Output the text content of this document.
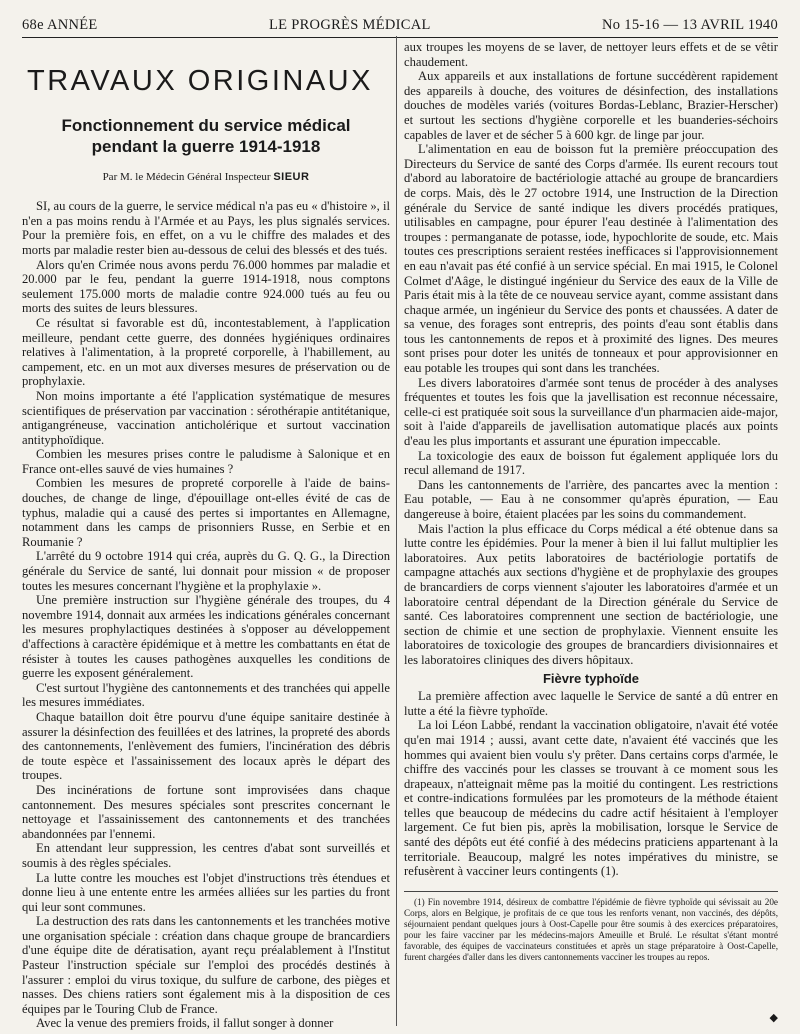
68e ANNÉE	LE PROGRÈS MÉDICAL	No 15-16 — 13 AVRIL 1940
TRAVAUX ORIGINAUX
Fonctionnement du service médical
pendant la guerre 1914-1918
Par M. le Médecin Général Inspecteur SIEUR

SI, au cours de la guerre, le service médical n'a pas eu « d'histoire », il n'en a pas moins rendu à l'Armée et au Pays, les plus signalés services. Pour la première fois, en effet, on a vu le chiffre des malades et des morts par maladie rester bien au-dessous de celui des blessés et des tués.

Alors qu'en Crimée nous avons perdu 76.000 hommes par maladie et 20.000 par le feu, pendant la guerre 1914-1918, nous comptons seulement 175.000 morts de maladie contre 924.000 tués au feu ou morts des suites de leurs blessures.

Ce résultat si favorable est dû, incontestablement, à l'application meilleure, pendant cette guerre, des données hygiéniques ordinaires relatives à l'alimentation, à la propreté corporelle, à l'habillement, au campement, etc. en un mot aux diverses mesures de préservation ou de prophylaxie.

Non moins importante a été l'application systématique de mesures scientifiques de préservation par vaccination : sérothérapie antitétanique, antigangréneuse, vaccination anticholérique et surtout vaccination antityphoïdique.

Combien les mesures prises contre le paludisme à Salonique et en France ont-elles sauvé de vies humaines ?

Combien les mesures de propreté corporelle à l'aide de bains-douches, de change de linge, d'épouillage ont-elles évité de cas de typhus, maladie qui a causé des pertes si importantes en Allemagne, notamment dans les camps de prisonniers Russe, en Serbie et en Roumanie ?

L'arrêté du 9 octobre 1914 qui créa, auprès du G. Q. G., la Direction générale du Service de santé, lui donnait pour mission « de proposer toutes les mesures concernant l'hygiène et la prophylaxie ».

Une première instruction sur l'hygiène générale des troupes, du 4 novembre 1914, donnait aux armées les indications générales concernant les mesures prophylactiques destinées à s'opposer au développement d'affections à caractère épidémique et à mettre les combattants en état de résister à toutes les causes pathogènes auxquelles les conditions de guerre les exposent généralement.

C'est surtout l'hygiène des cantonnements et des tranchées qui appelle les mesures immédiates.

Chaque bataillon doit être pourvu d'une équipe sanitaire destinée à assurer la désinfection des feuillées et des latrines, la propreté des abords des cantonnements, l'enlèvement des fumiers, l'incinération des débris de toute espèce et l'assainissement des locaux après le départ des troupes.

Des incinérations de fortune sont improvisées dans chaque cantonnement. Des mesures spéciales sont prescrites concernant le nettoyage et l'assainissement des cantonnements et des tranchées abandonnées par l'ennemi.

En attendant leur suppression, les centres d'abat sont surveillés et soumis à des règles spéciales.

La lutte contre les mouches est l'objet d'instructions très étendues et donne lieu à une entente entre les armées alliées sur les parties du front qui leur sont communes.

La destruction des rats dans les cantonnements et les tranchées motive une organisation spéciale : création dans chaque groupe de brancardiers d'une équipe dite de dératisation, ayant reçu préalablement à l'Institut Pasteur l'instruction spéciale sur l'emploi des procédés destinés à l'assurer : emploi du virus toxique, du sulfure de carbone, des pièges et nasses. Des chiens ratiers sont également mis à la disposition de ces équipes par le Touring Club de France.

Avec la venue des premiers froids, il fallut songer à donner

aux troupes les moyens de se laver, de nettoyer leurs effets et de se vêtir chaudement.

Aux appareils et aux installations de fortune succédèrent rapidement des appareils à douche, des voitures de désinfection, des installations douches de modèles variés (voitures Bordas-Leblanc, Brazier-Herscher) et surtout les sections d'hygiène corporelle et les buanderies-séchoirs capables de laver et de sécher 5 à 600 kgr. de linge par jour.

L'alimentation en eau de boisson fut la première préoccupation des Directeurs du Service de santé des Corps d'armée. Ils eurent recours tout d'abord au laboratoire de bactériologie attaché au groupe de brancardiers de corps. Mais, dès le 27 octobre 1914, une Instruction de la Direction générale du Service de santé indique les divers procédés pratiques, utilisables en campagne, pour épurer l'eau destinée à l'alimentation des troupes : permanganate de potasse, iode, hypochlorite de soude, etc. Mais toutes ces prescriptions seraient restées inefficaces si l'approvisionnement en eau n'avait pas été confié à un service spécial. En mai 1915, le Colonel Colmet d'Aâge, le distingué ingénieur du Service des eaux de la Ville de Paris était mis à la tête de ce nouveau service ayant, comme assistant dans chaque armée, un ingénieur du Service des ponts et chaussées. A dater de sa venue, des forages sont entrepris, des points d'eau sont établis dans tous les cantonnements de repos et à proximité des lignes. Des meures sont prises pour doter les unités de tonneaux et pour approvisionner en eau potable les troupes qui sont dans les tranchées.

Les divers laboratoires d'armée sont tenus de procéder à des analyses fréquentes et toutes les fois que la javellisation est reconnue nécessaire, celle-ci est pratiquée soit sous la surveillance d'un pharmacien aide-major, soit à l'aide d'appareils de javellisation automatique placés aux points d'eau les plus importants et assurant une épuration impeccable.

La toxicologie des eaux de boisson fut également appliquée lors du recul allemand de 1917.

Dans les cantonnements de l'arrière, des pancartes avec la mention : Eau potable, — Eau à ne consommer qu'après épuration, — Eau dangereuse à boire, étaient placées par les soins du commandement.

Mais l'action la plus efficace du Corps médical a été obtenue dans sa lutte contre les épidémies. Pour la mener à bien il lui fallut multiplier les laboratoires. Aux petits laboratoires de bactériologie portatifs de campagne attachés aux sections d'hygiène et de prophylaxie des groupes de brancardiers de corps viennent s'ajouter les laboratoires d'armée et un laboratoire central dépendant de la Direction générale du Service de santé. Ces laboratoires comprennent une section de bactériologie, une section de chimie et une section de prophylaxie. Viennent ensuite les laboratoires de toxicologie des groupes de brancardiers divisionnaires et les laboratoires cliniques des divers hôpitaux.

Fièvre typhoïde

La première affection avec laquelle le Service de santé a dû entrer en lutte a été la fièvre typhoïde.

La loi Léon Labbé, rendant la vaccination obligatoire, n'avait été votée qu'en mai 1914 ; aussi, avant cette date, n'avaient été vaccinés que les hommes qui avaient bien voulu s'y prêter. Dans certains corps d'armée, le chiffre des vaccinés pour les classes se trouvant à ce moment sous les drapeaux, n'atteignait même pas la moitié du contingent. Les restrictions et contre-indications formulées par les promoteurs de la méthode étaient telles que beaucoup de médecins du cadre actif hésitaient à l'employer largement. Ce fut bien pis, après la mobilisation, lorsque le Service de santé des dépôts eut été confié à des médecins praticiens appartenant à la territoriale. Beaucoup, malgré les notes impératives du ministre, se refusèrent à vacciner leurs contingents (1).

(1) Fin novembre 1914, désireux de combattre l'épidémie de fièvre typhoïde qui sévissait au 20e Corps, alors en Belgique, je profitais de ce que tous les renforts venant, non vaccinés, des dépôts, séjournaient pendant quelques jours à Oost-Capelle pour être soumis à des exercices préparatoires, pour les faire vacciner par les médecins-majors Ameuille et Brulé. Le résultat s'étant montré favorable, des équipes de vaccinateurs constituées et après un stage préparatoire à Oost-Capelle, furent chargées d'aller dans les divers cantonnements vacciner les troupes au repos.

◆
